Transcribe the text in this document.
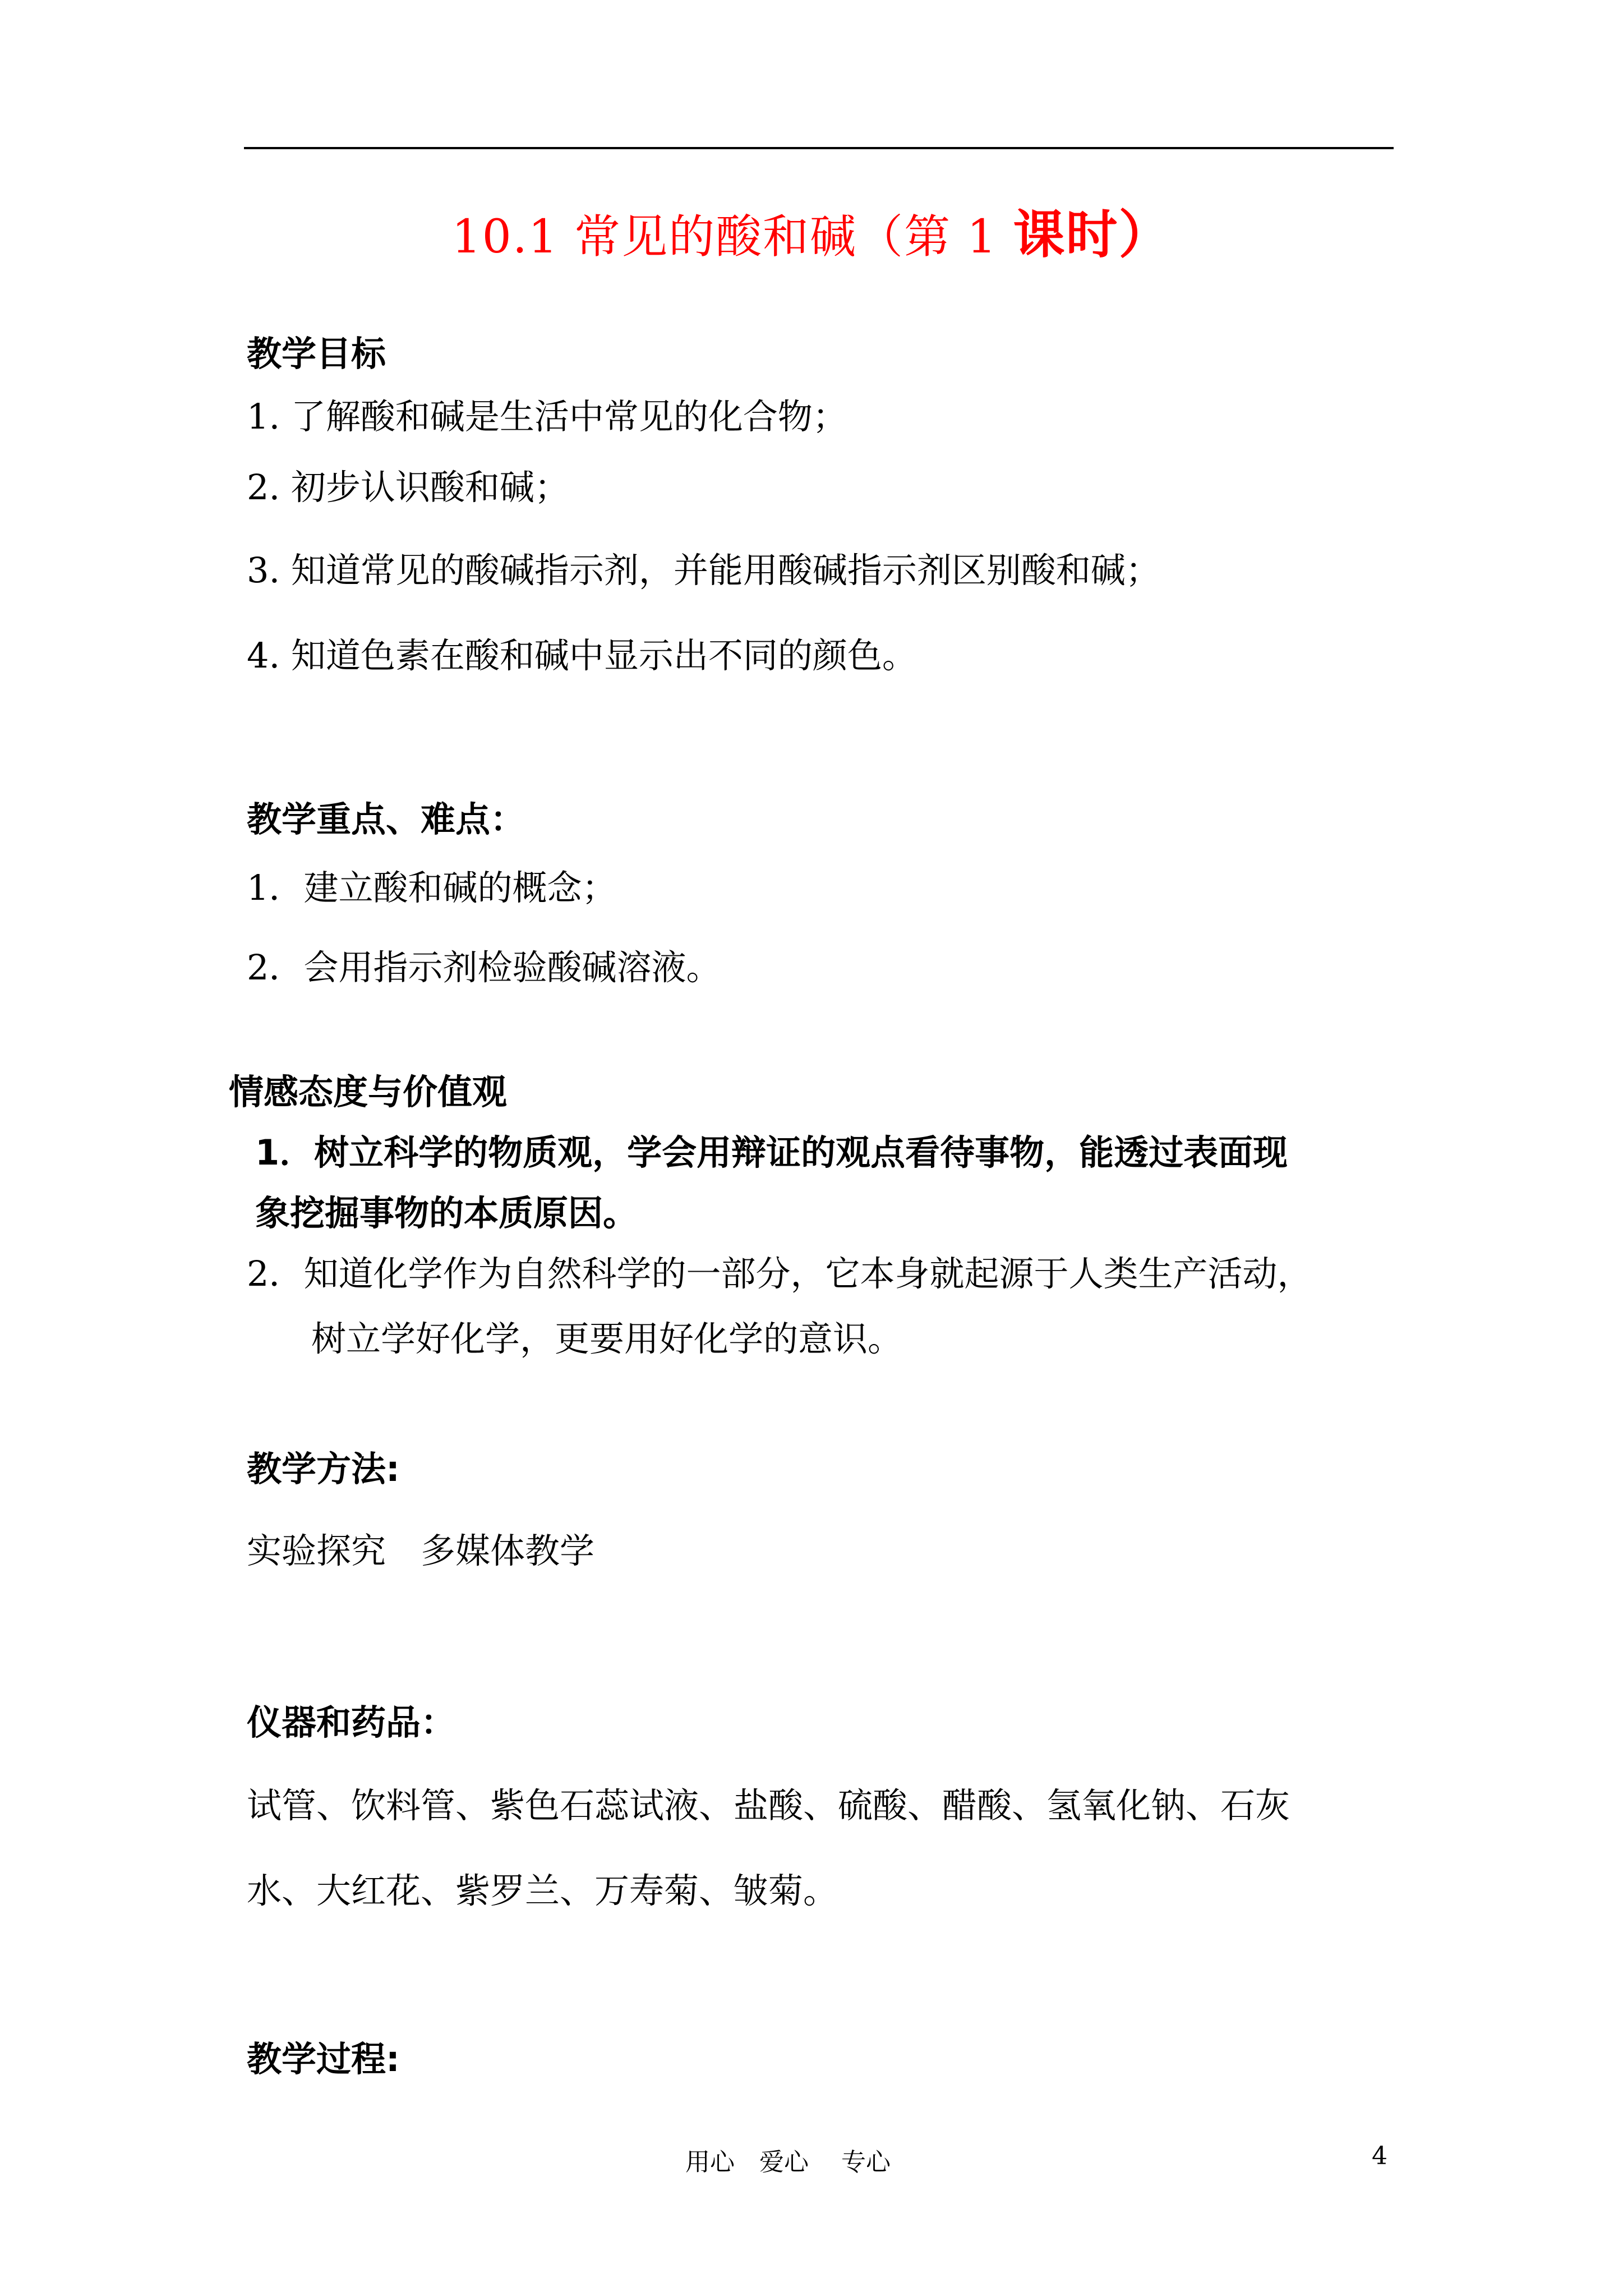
10.1 常见的酸和碱（第 1 课时）
教学目标
1. 了解酸和碱是生活中常见的化合物；
2. 初步认识酸和碱；
3. 知道常见的酸碱指示剂，并能用酸碱指示剂区别酸和碱；
4. 知道色素在酸和碱中显示出不同的颜色。
教学重点、难点：
1．建立酸和碱的概念；
2．会用指示剂检验酸碱溶液。
情感态度与价值观
1．树立科学的物质观，学会用辩证的观点看待事物，能透过表面现
象挖掘事物的本质原因。
2．知道化学作为自然科学的一部分，它本身就起源于人类生产活动，
树立学好化学，更要用好化学的意识。
教学方法:
实验探究　多媒体教学
仪器和药品：
试管、饮料管、紫色石蕊试液、盐酸、硫酸、醋酸、氢氧化钠、石灰
水、大红花、紫罗兰、万寿菊、皱菊。
教学过程:
用心　爱心　 专心	4
